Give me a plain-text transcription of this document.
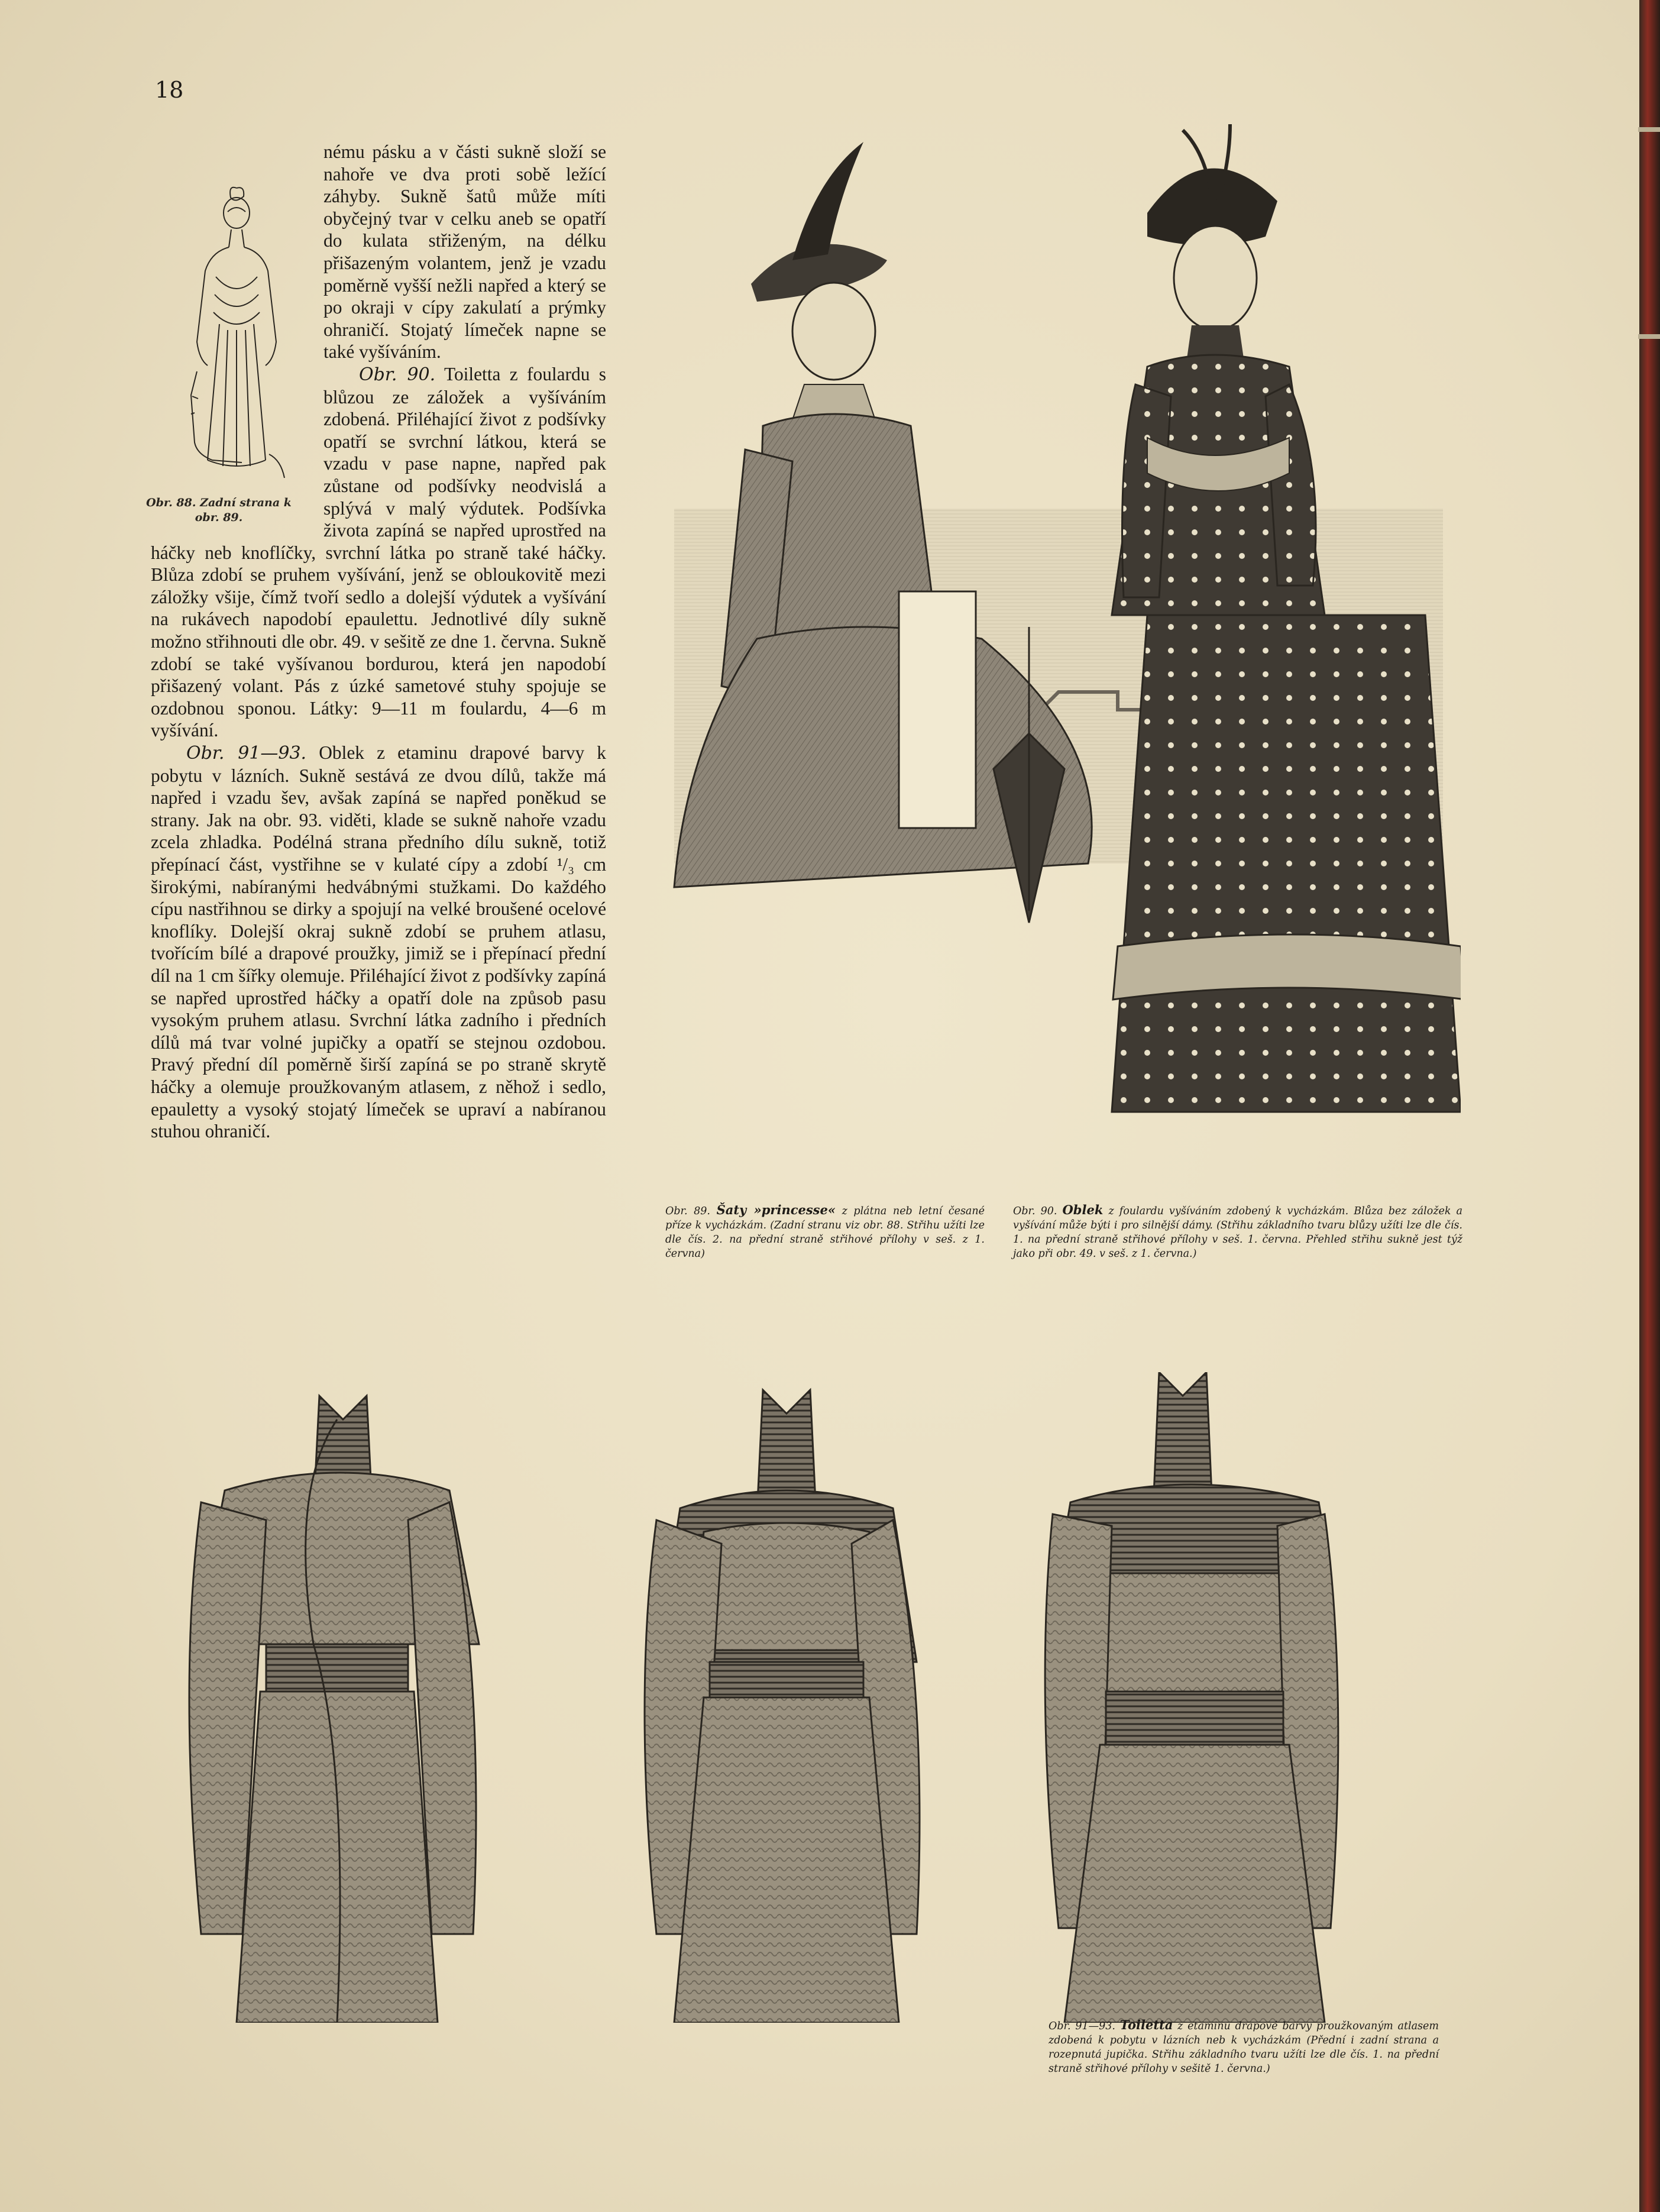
18
Obr. 88. Zadní strana k obr. 89.

nému pásku a v části sukně složí se nahoře ve dva proti sobě ležící záhyby. Sukně šatů může míti obyčejný tvar v celku aneb se opatří do kulata střiženým, na délku přišazeným volantem, jenž je vzadu poměrně vyšší nežli napřed a který se po okraji v cípy zakulatí a prýmky ohraničí. Stojatý límeček napne se také vyšíváním.

Obr. 90. Toiletta z foulardu s blůzou ze záložek a vyšíváním zdobená. Přiléhající život z podšívky opatří se svrchní látkou, která se vzadu v pase napne, napřed pak zůstane od podšívky neodvislá a splývá v malý výdutek. Podšívka života zapíná se napřed uprostřed na háčky neb knoflíčky, svrchní látka po straně také háčky. Blůza zdobí se pruhem vyšívání, jenž se obloukovitě mezi záložky všije, čímž tvoří sedlo a dolejší výdutek a vyšívání na rukávech napodobí epaulettu. Jednotlivé díly sukně možno střihnouti dle obr. 49. v sešitě ze dne 1. června. Sukně zdobí se také vyšívanou bordurou, která jen napodobí přišazený volant. Pás z úzké sametové stuhy spojuje se ozdobnou sponou. Látky: 9—11 m foulardu, 4—6 m vyšívání.

Obr. 91—93. Oblek z etaminu drapové barvy k pobytu v lázních. Sukně sestává ze dvou dílů, takže má napřed i vzadu šev, avšak zapíná se napřed poněkud se strany. Jak na obr. 93. viděti, klade se sukně nahoře vzadu zcela zhladka. Podélná strana předního dílu sukně, totiž přepínací část, vystřihne se v kulaté cípy a zdobí ¹/₃ cm širokými, nabíranými hedvábnými stužkami. Do každého cípu nastřihnou se dirky a spojují na velké broušené ocelové knoflíky. Dolejší okraj sukně zdobí se pruhem atlasu, tvořícím bílé a drapové proužky, jimiž se i přepínací přední díl na 1 cm šířky olemuje. Přiléhající život z podšívky zapíná se napřed uprostřed háčky a opatří dole na způsob pasu vysokým pruhem atlasu. Svrchní látka zadního i předních dílů má tvar volné jupičky a opatří se stejnou ozdobou. Pravý přední díl poměrně širší zapíná se po straně skrytě háčky a olemuje proužkovaným atlasem, z něhož i sedlo, epauletty a vysoký stojatý límeček se upraví a nabíranou stuhou ohraničí.

Obr. 89. Šaty »princesse« z plátna neb letní česané příze k vycházkám. (Zadní stranu viz obr. 88. Střihu užíti lze dle čís. 2. na přední straně střihové přílohy v seš. z 1. června)
Obr. 90. Oblek z foulardu vyšíváním zdobený k vycházkám. Blůza bez záložek a vyšívání může býti i pro silnější dámy. (Střihu základního tvaru blůzy užíti lze dle čís. 1. na přední straně střihové přílohy v seš. 1. června. Přehled střihu sukně jest týž jako při obr. 49. v seš. z 1. června.)
Obr. 91—93. Toiletta z etaminu drapové barvy proužkovaným atlasem zdobená k pobytu v lázních neb k vycházkám (Přední i zadní strana a rozepnutá jupička. Střihu základního tvaru užíti lze dle čís. 1. na přední straně střihové přílohy v sešitě 1. června.)
